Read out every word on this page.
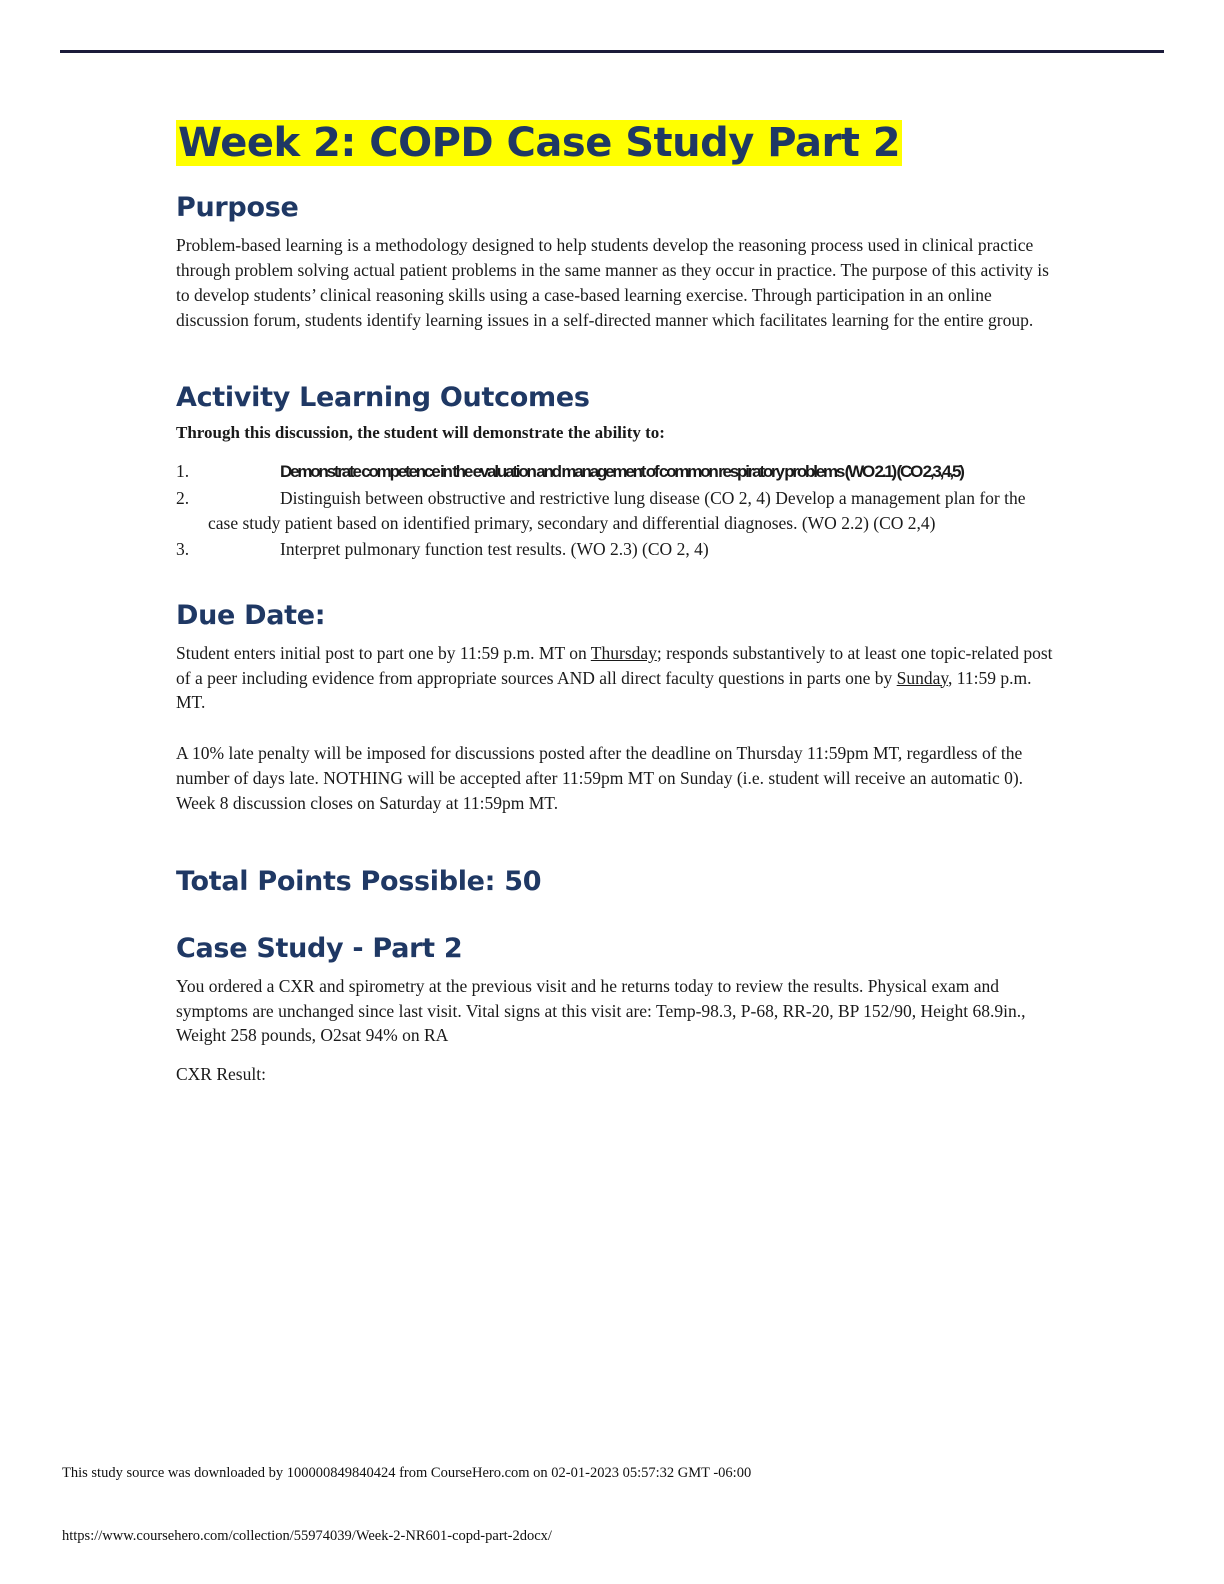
Week 2: COPD Case Study Part 2
Purpose

Problem-based learning is a methodology designed to help students develop the reasoning process used in clinical practice through problem solving actual patient problems in the same manner as they occur in practice. The purpose of this activity is to develop students’ clinical reasoning skills using a case-based learning exercise. Through participation in an online discussion forum, students identify learning issues in a self-directed manner which facilitates learning for the entire group.

Activity Learning Outcomes

Through this discussion, the student will demonstrate the ability to:

1.	Demonstrate competence in the evaluation and management of common respiratory problems (WO 2.1) (CO 2,3,4,5)
2.	Distinguish between obstructive and restrictive lung disease (CO 2, 4) Develop a management plan for the case study patient based on identified primary, secondary and differential diagnoses. (WO 2.2) (CO 2,4)
3.	Interpret pulmonary function test results. (WO 2.3) (CO 2, 4)
Due Date:

Student enters initial post to part one by 11:59 p.m. MT on Thursday; responds substantively to at least one topic-related post of a peer including evidence from appropriate sources AND all direct faculty questions in parts one by Sunday, 11:59 p.m. MT.

A 10% late penalty will be imposed for discussions posted after the deadline on Thursday 11:59pm MT, regardless of the number of days late. NOTHING will be accepted after 11:59pm MT on Sunday (i.e. student will receive an automatic 0). Week 8 discussion closes on Saturday at 11:59pm MT.

Total Points Possible: 50
Case Study - Part 2

You ordered a CXR and spirometry at the previous visit and he returns today to review the results. Physical exam and symptoms are unchanged since last visit. Vital signs at this visit are: Temp-98.3, P-68, RR-20, BP 152/90, Height 68.9in., Weight 258 pounds, O2sat 94% on RA

CXR Result:

This study source was downloaded by 100000849840424 from CourseHero.com on 02-01-2023 05:57:32 GMT -06:00
https://www.coursehero.com/collection/55974039/Week-2-NR601-copd-part-2docx/
